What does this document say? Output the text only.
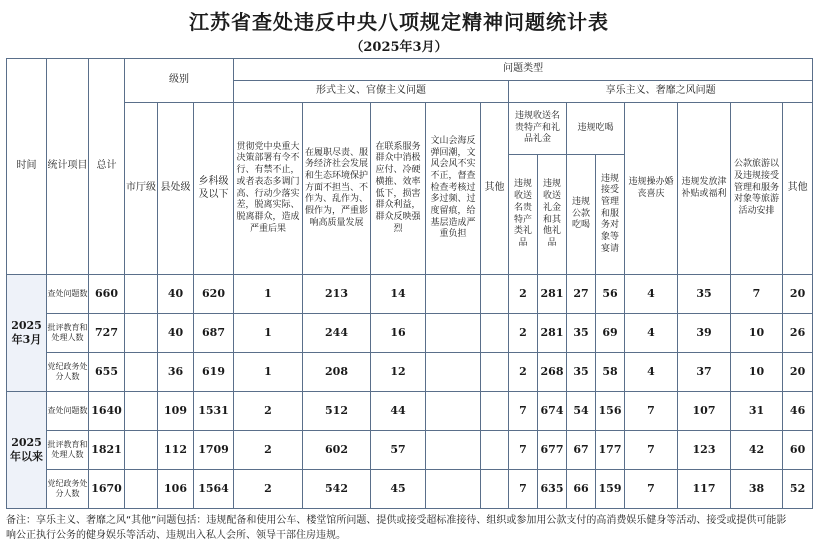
江苏省查处违反中央八项规定精神问题统计表
（2025年3月）
时间	统计项目	总计	级别			问题类型												
						形式主义、官僚主义问题					享乐主义、奢靡之风问题							
			市厅级	县处级	乡科级及以下	贯彻党中央重大决策部署有令不行、有禁不止，或者表态多调门高、行动少落实差，脱离实际、脱离群众，造成严重后果	在履职尽责、服务经济社会发展和生态环境保护方面不担当、不作为、乱作为、假作为，严重影响高质量发展	在联系服务群众中消极应付、冷硬横推、效率低下，损害群众利益，群众反映强烈	文山会海反弹回潮，文风会风不实不正，督查检查考核过多过频、过度留痕，给基层造成严重负担	其他	违规收送名贵特产和礼品礼金		违规吃喝		违规操办婚丧喜庆	违规发放津补贴或福利	公款旅游以及违规接受管理和服务对象等旅游活动安排	其他
											违规收送名贵特产类礼品	违规收送礼金和其他礼品	违规公款吃喝	违规接受管理和服务对象等宴请				
2025年3月	查处问题数	660		40	620	1	213	14			2	281	27	56	4	35	7	20
	批评教育和处理人数	727		40	687	1	244	16			2	281	35	69	4	39	10	26
	党纪政务处分人数	655		36	619	1	208	12			2	268	35	58	4	37	10	20
2025年以来	查处问题数	1640		109	1531	2	512	44			7	674	54	156	7	107	31	46
	批评教育和处理人数	1821		112	1709	2	602	57			7	677	67	177	7	123	42	60
	党纪政务处分人数	1670		106	1564	2	542	45			7	635	66	159	7	117	38	52
备注：享乐主义、奢靡之风“其他”问题包括：违规配备和使用公车、楼堂馆所问题、提供或接受超标准接待、组织或参加用公款支付的高消费娱乐健身等活动、接受或提供可能影响公正执行公务的健身娱乐等活动、违规出入私人会所、领导干部住房违规。
